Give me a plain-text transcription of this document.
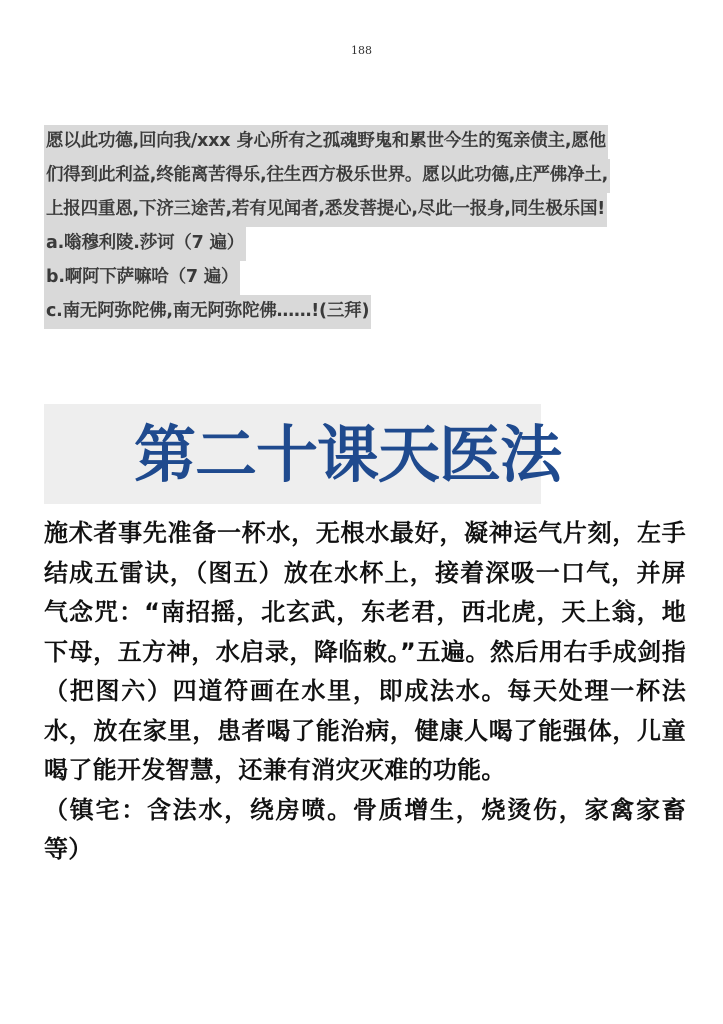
188
愿以此功德,回向我/xxx 身心所有之孤魂野鬼和累世今生的冤亲债主,愿他
们得到此利益,终能离苦得乐,往生西方极乐世界。愿以此功德,庄严佛净土,
上报四重恩,下济三途苦,若有见闻者,悉发菩提心,尽此一报身,同生极乐国!
a.嗡穆利陵.莎诃（7 遍）
b.啊阿下萨嘛哈（7 遍）
c.南无阿弥陀佛,南无阿弥陀佛……!(三拜)
第二十课天医法

施术者事先准备一杯水，无根水最好，凝神运气片刻，左手结成五雷诀，（图五）放在水杯上，接着深吸一口气，并屏气念咒：“南招摇，北玄武，东老君，西北虎，天上翁，地下母，五方神，水启录，降临敕。”五遍。然后用右手成剑指（把图六）四道符画在水里，即成法水。每天处理一杯法水，放在家里，患者喝了能治病，健康人喝了能强体，儿童喝了能开发智慧，还兼有消灾灭难的功能。

（镇宅：含法水，绕房喷。骨质增生，烧烫伤，家禽家畜等）
